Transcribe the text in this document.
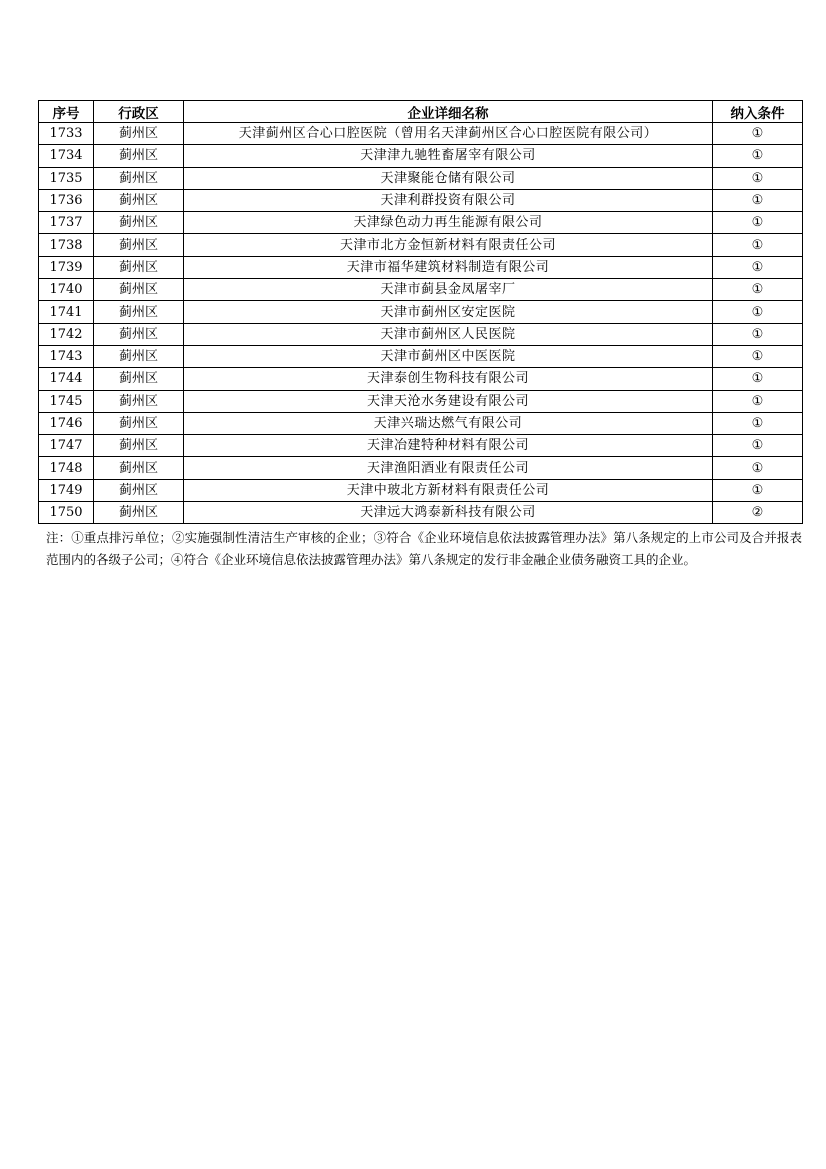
序号	行政区	企业详细名称	纳入条件
1733	蓟州区	天津蓟州区合心口腔医院（曾用名天津蓟州区合心口腔医院有限公司）	①
1734	蓟州区	天津津九驰牲畜屠宰有限公司	①
1735	蓟州区	天津聚能仓储有限公司	①
1736	蓟州区	天津利群投资有限公司	①
1737	蓟州区	天津绿色动力再生能源有限公司	①
1738	蓟州区	天津市北方金恒新材料有限责任公司	①
1739	蓟州区	天津市福华建筑材料制造有限公司	①
1740	蓟州区	天津市蓟县金凤屠宰厂	①
1741	蓟州区	天津市蓟州区安定医院	①
1742	蓟州区	天津市蓟州区人民医院	①
1743	蓟州区	天津市蓟州区中医医院	①
1744	蓟州区	天津泰创生物科技有限公司	①
1745	蓟州区	天津天沧水务建设有限公司	①
1746	蓟州区	天津兴瑞达燃气有限公司	①
1747	蓟州区	天津冶建特种材料有限公司	①
1748	蓟州区	天津渔阳酒业有限责任公司	①
1749	蓟州区	天津中玻北方新材料有限责任公司	①
1750	蓟州区	天津远大鸿泰新科技有限公司	②
注：①重点排污单位；②实施强制性清洁生产审核的企业；③符合《企业环境信息依法披露管理办法》第八条规定的上市公司及合并报表范围内的各级子公司；④符合《企业环境信息依法披露管理办法》第八条规定的发行非金融企业债务融资工具的企业。
